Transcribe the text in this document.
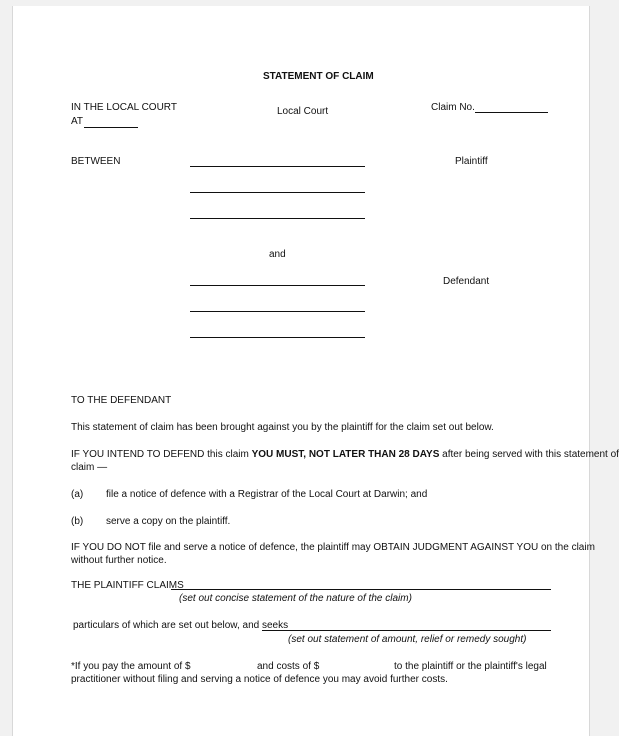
STATEMENT OF CLAIM
IN THE LOCAL COURT
AT
Local Court	Claim No.
BETWEEN	Plaintiff
and
Defendant
TO THE DEFENDANT
This statement of claim has been brought against you by the plaintiff for the claim set out below.
IF YOU INTEND TO DEFEND this claim YOU MUST, NOT LATER THAN 28 DAYS after being served with this statement of
claim —
(a) file a notice of defence with a Registrar of the Local Court at Darwin; and
(b) serve a copy on the plaintiff.
IF YOU DO NOT file and serve a notice of defence, the plaintiff may OBTAIN JUDGMENT AGAINST YOU on the claim
without further notice.
THE PLAINTIFF CLAIMS
(set out concise statement of the nature of the claim)
particulars of which are set out below, and seeks
(set out statement of amount, relief or remedy sought)
*If you pay the amount of $	and costs of $	to the plaintiff or the plaintiff's legal
practitioner without filing and serving a notice of defence you may avoid further costs.
